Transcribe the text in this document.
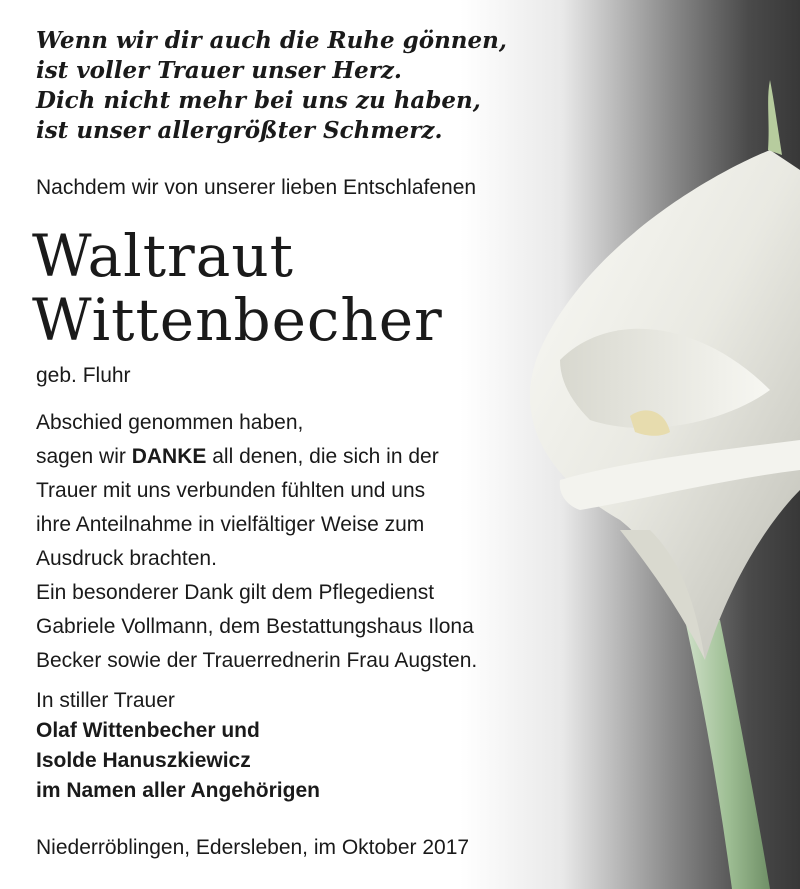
Wenn wir dir auch die Ruhe gönnen,
ist voller Trauer unser Herz.
Dich nicht mehr bei uns zu haben,
ist unser allergrößter Schmerz.

Nachdem wir von unserer lieben Entschlafenen
Waltraut
Wittenbecher
geb. Fluhr

Abschied genommen haben,
sagen wir DANKE all denen, die sich in der
Trauer mit uns verbunden fühlten und uns
ihre Anteilnahme in vielfältiger Weise zum
Ausdruck brachten.
Ein besonderer Dank gilt dem Pflegedienst
Gabriele Vollmann, dem Bestattungshaus Ilona
Becker sowie der Trauerrednerin Frau Augsten.

In stiller Trauer
Olaf Wittenbecher und
Isolde Hanuszkiewicz
im Namen aller Angehörigen

Niederröblingen, Edersleben, im Oktober 2017
